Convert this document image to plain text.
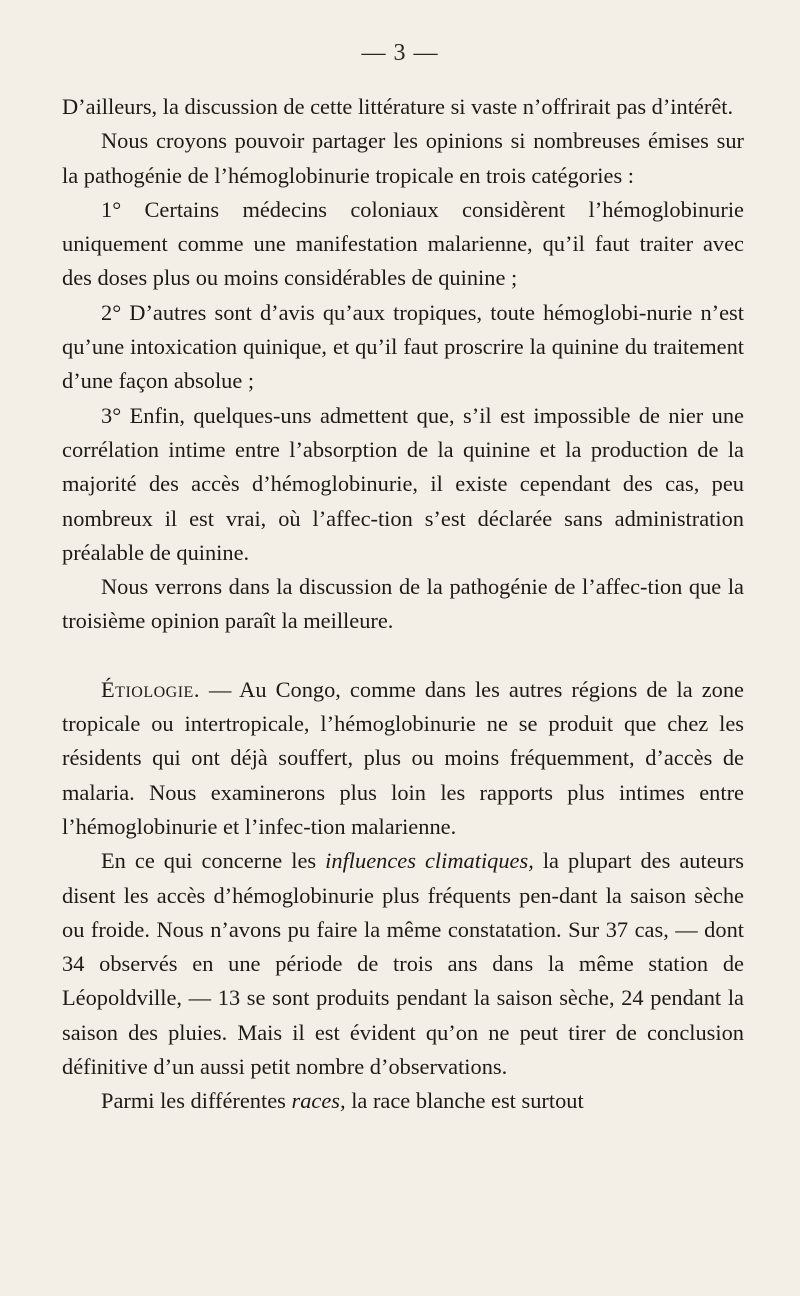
— 3 —

D’ailleurs, la discussion de cette littérature si vaste n’offrirait pas d’intérêt.

Nous croyons pouvoir partager les opinions si nombreuses émises sur la pathogénie de l’hémoglobinurie tropicale en trois catégories :

1° Certains médecins coloniaux considèrent l’hémoglobinurie uniquement comme une manifestation malarienne, qu’il faut traiter avec des doses plus ou moins considérables de quinine ;

2° D’autres sont d’avis qu’aux tropiques, toute hémoglobi-nurie n’est qu’une intoxication quinique, et qu’il faut proscrire la quinine du traitement d’une façon absolue ;

3° Enfin, quelques-uns admettent que, s’il est impossible de nier une corrélation intime entre l’absorption de la quinine et la production de la majorité des accès d’hémoglobinurie, il existe cependant des cas, peu nombreux il est vrai, où l’affec-tion s’est déclarée sans administration préalable de quinine.

Nous verrons dans la discussion de la pathogénie de l’affec-tion que la troisième opinion paraît la meilleure.

Étiologie. — Au Congo, comme dans les autres régions de la zone tropicale ou intertropicale, l’hémoglobinurie ne se produit que chez les résidents qui ont déjà souffert, plus ou moins fréquemment, d’accès de malaria. Nous examinerons plus loin les rapports plus intimes entre l’hémoglobinurie et l’infec-tion malarienne.

En ce qui concerne les influences climatiques, la plupart des auteurs disent les accès d’hémoglobinurie plus fréquents pen-dant la saison sèche ou froide. Nous n’avons pu faire la même constatation. Sur 37 cas, — dont 34 observés en une période de trois ans dans la même station de Léopoldville, — 13 se sont produits pendant la saison sèche, 24 pendant la saison des pluies. Mais il est évident qu’on ne peut tirer de conclusion définitive d’un aussi petit nombre d’observations.

Parmi les différentes races, la race blanche est surtout
